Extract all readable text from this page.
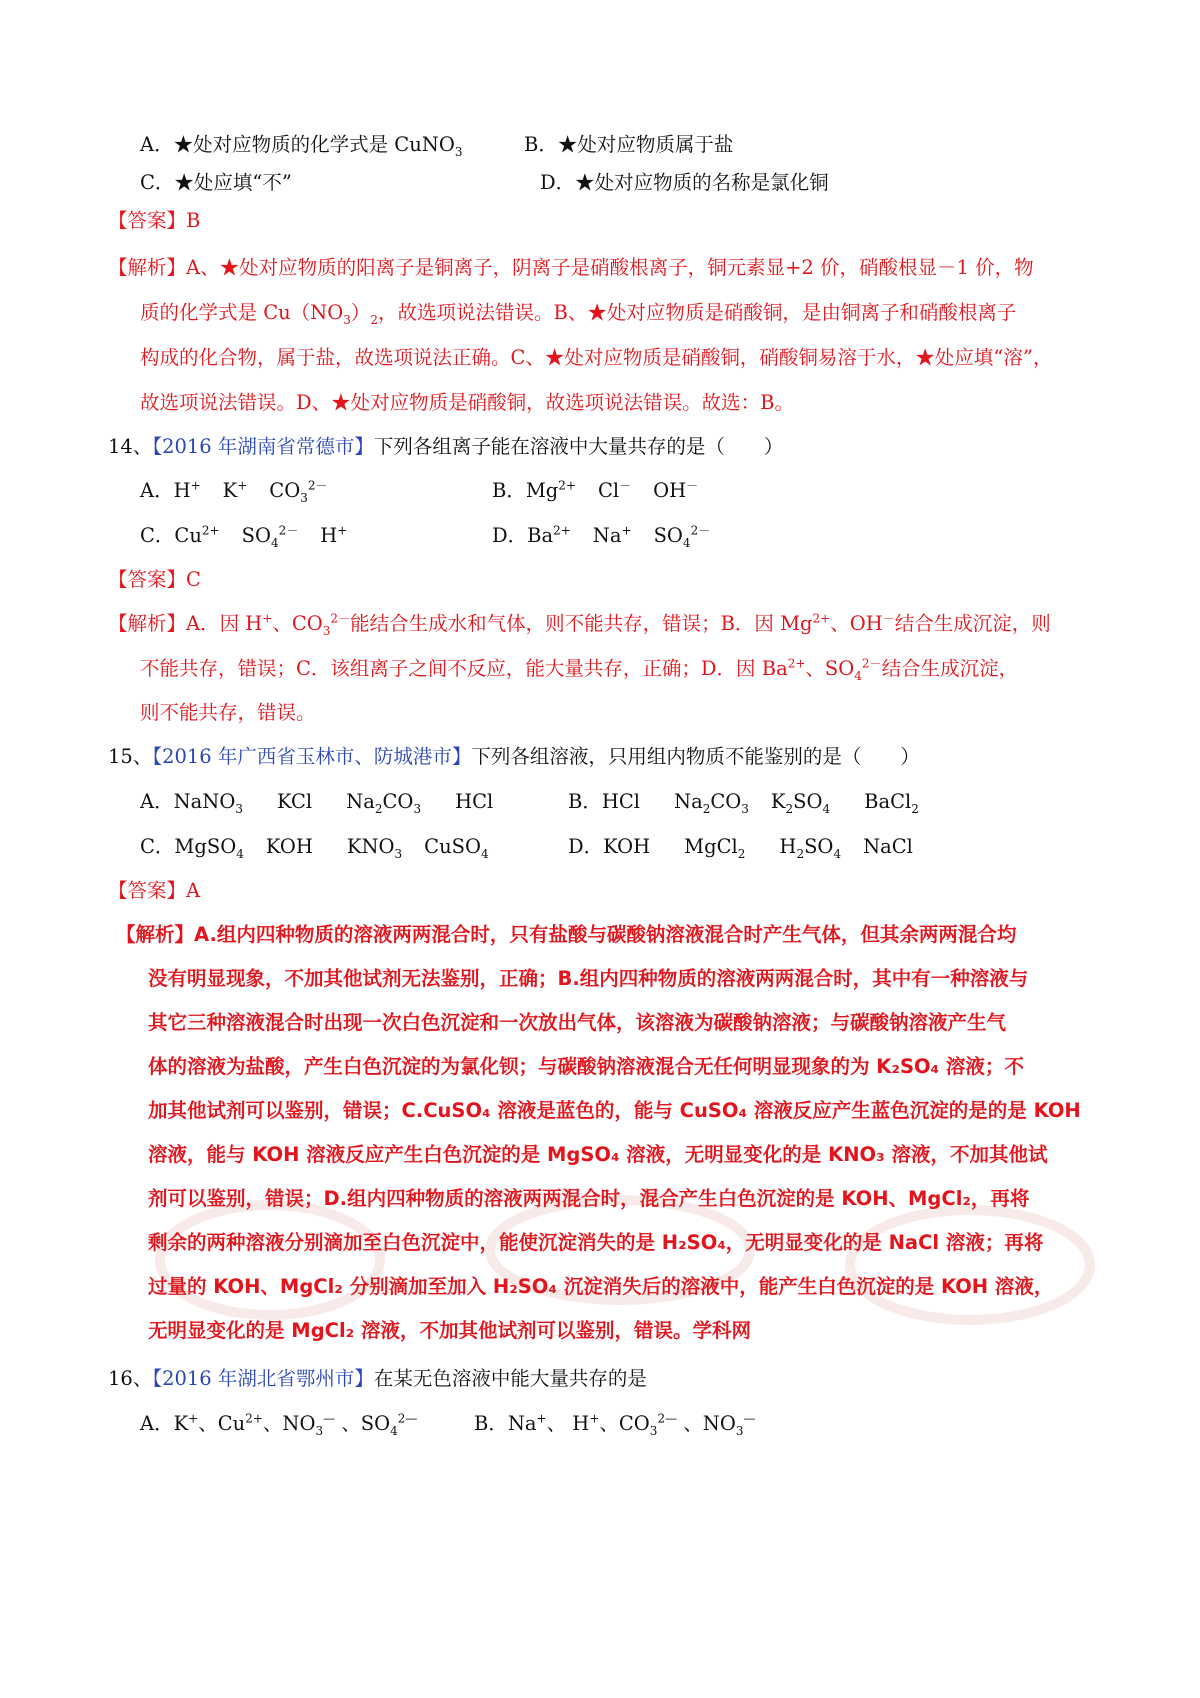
A．★处对应物质的化学式是 CuNO$_3$	B．★处对应物质属于盐
C．★处应填“不”	D．★处对应物质的名称是氯化铜
【答案】B
【解析】A、★处对应物质的阳离子是铜离子，阴离子是硝酸根离子，铜元素显+2 价，硝酸根显－1 价，物
质的化学式是 $Cu(NO_3)_2$，故选项说法错误。B、★处对应物质是硝酸铜，是由铜离子和硝酸根离子
构成的化合物，属于盐，故选项说法正确。C、★处对应物质是硝酸铜，硝酸铜易溶于水，★处应填“溶”，
故选项说法错误。D、★处对应物质是硝酸铜，故选项说法错误。故选：B。
14、【2016 年湖南省常德市】下列各组离子能在溶液中大量共存的是（　　）
A．H+ K+ $CO_3^{2-}$	B．$Mg^{2+}$ Cl－ OH－
C．$Cu^{2+}$ $SO_4^{2-}$ H+	D．$Ba^{2+}$ Na+ $SO_4^{2-}$
【答案】C
【解析】A．因 H+、$CO_3^{2-}$能结合生成水和气体，则不能共存，错误；B．因 $Mg^{2+}$、OH－结合生成沉淀，则
不能共存，错误；C．该组离子之间不反应，能大量共存，正确；D．因 $Ba^{2+}$、$SO_4^{2-}$结合生成沉淀，
则不能共存，错误。
15、【2016 年广西省玉林市、防城港市】下列各组溶液，只用组内物质不能鉴别的是（　　）
A．NaNO$_3$ KCl $Na_2CO_3$ HCl	B．HCl $Na_2CO_3$ $K_2SO_4$ BaCl$_2$
C．MgSO$_4$ KOH $KNO_3$ CuSO$_4$	D．KOH MgCl$_2$ $H_2SO_4$ NaCl
【答案】A
【解析】A.组内四种物质的溶液两两混合时，只有盐酸与碳酸钠溶液混合时产生气体，但其余两两混合均
没有明显现象，不加其他试剂无法鉴别，正确；B.组内四种物质的溶液两两混合时，其中有一种溶液与
其它三种溶液混合时出现一次白色沉淀和一次放出气体，该溶液为碳酸钠溶液；与碳酸钠溶液产生气
体的溶液为盐酸，产生白色沉淀的为氯化钡；与碳酸钠溶液混合无任何明显现象的为 K₂SO₄ 溶液；不
加其他试剂可以鉴别，错误；C.CuSO₄ 溶液是蓝色的，能与 CuSO₄ 溶液反应产生蓝色沉淀的是的是 KOH
溶液，能与 KOH 溶液反应产生白色沉淀的是 MgSO₄ 溶液，无明显变化的是 KNO₃ 溶液，不加其他试
剂可以鉴别，错误；D.组内四种物质的溶液两两混合时，混合产生白色沉淀的是 KOH、MgCl₂，再将
剩余的两种溶液分别滴加至白色沉淀中，能使沉淀消失的是 H₂SO₄，无明显变化的是 NaCl 溶液；再将
过量的 KOH、MgCl₂ 分别滴加至加入 H₂SO₄ 沉淀消失后的溶液中，能产生白色沉淀的是 KOH 溶液，
无明显变化的是 MgCl₂ 溶液，不加其他试剂可以鉴别，错误。学科网
16、【2016 年湖北省鄂州市】在某无色溶液中能大量共存的是
A．K+、$Cu^{2+}$、$NO_3^—$ 、$SO_4^{2—}$	B．Na+、 H+、$CO_3^{2—}$ 、$NO_3^—$
